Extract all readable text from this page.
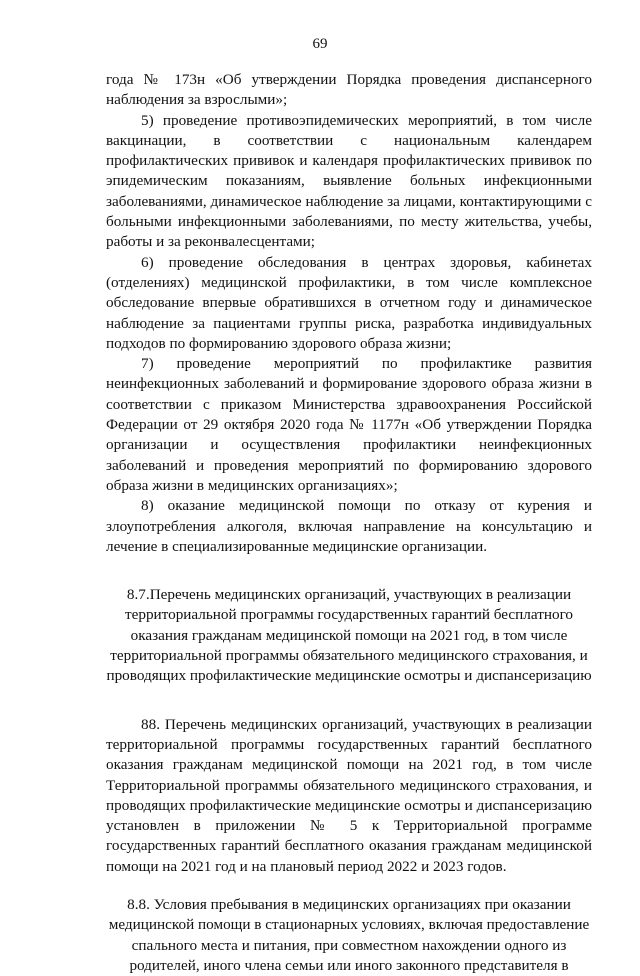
69

года № 173н «Об утверждении Порядка проведения диспансерного наблюдения за взрослыми»;

5) проведение противоэпидемических мероприятий, в том числе вакцинации, в соответствии с национальным календарем профилактических прививок и календаря профилактических прививок по эпидемическим показаниям, выявление больных инфекционными заболеваниями, динамическое наблюдение за лицами, контактирующими с больными инфекционными заболеваниями, по месту жительства, учебы, работы и за реконвалесцентами;

6) проведение обследования в центрах здоровья, кабинетах (отделениях) медицинской профилактики, в том числе комплексное обследование впервые обратившихся в отчетном году и динамическое наблюдение за пациентами группы риска, разработка индивидуальных подходов по формированию здорового образа жизни;

7) проведение мероприятий по профилактике развития неинфекционных заболеваний и формирование здорового образа жизни в соответствии с приказом Министерства здравоохранения Российской Федерации от 29 октября 2020 года № 1177н «Об утверждении Порядка организации и осуществления профилактики неинфекционных заболеваний и проведения мероприятий по формированию здорового образа жизни в медицинских организациях»;

8) оказание медицинской помощи по отказу от курения и злоупотребления алкоголя, включая направление на консультацию и лечение в специализированные медицинские организации.

8.7.Перечень медицинских организаций, участвующих в реализации территориальной программы государственных гарантий бесплатного оказания гражданам медицинской помощи на 2021 год, в том числе территориальной программы обязательного медицинского страхования, и проводящих профилактические медицинские осмотры и диспансеризацию

88. Перечень медицинских организаций, участвующих в реализации территориальной программы государственных гарантий бесплатного оказания гражданам медицинской помощи на 2021 год, в том числе Территориальной программы обязательного медицинского страхования, и проводящих профилактические медицинские осмотры и диспансеризацию установлен в приложении № 5 к Территориальной программе государственных гарантий бесплатного оказания гражданам медицинской помощи на 2021 год и на плановый период 2022 и 2023 годов.

8.8. Условия пребывания в медицинских организациях при оказании медицинской помощи в стационарных условиях, включая предоставление спального места и питания, при совместном нахождении одного из родителей, иного члена семьи или иного законного представителя в
